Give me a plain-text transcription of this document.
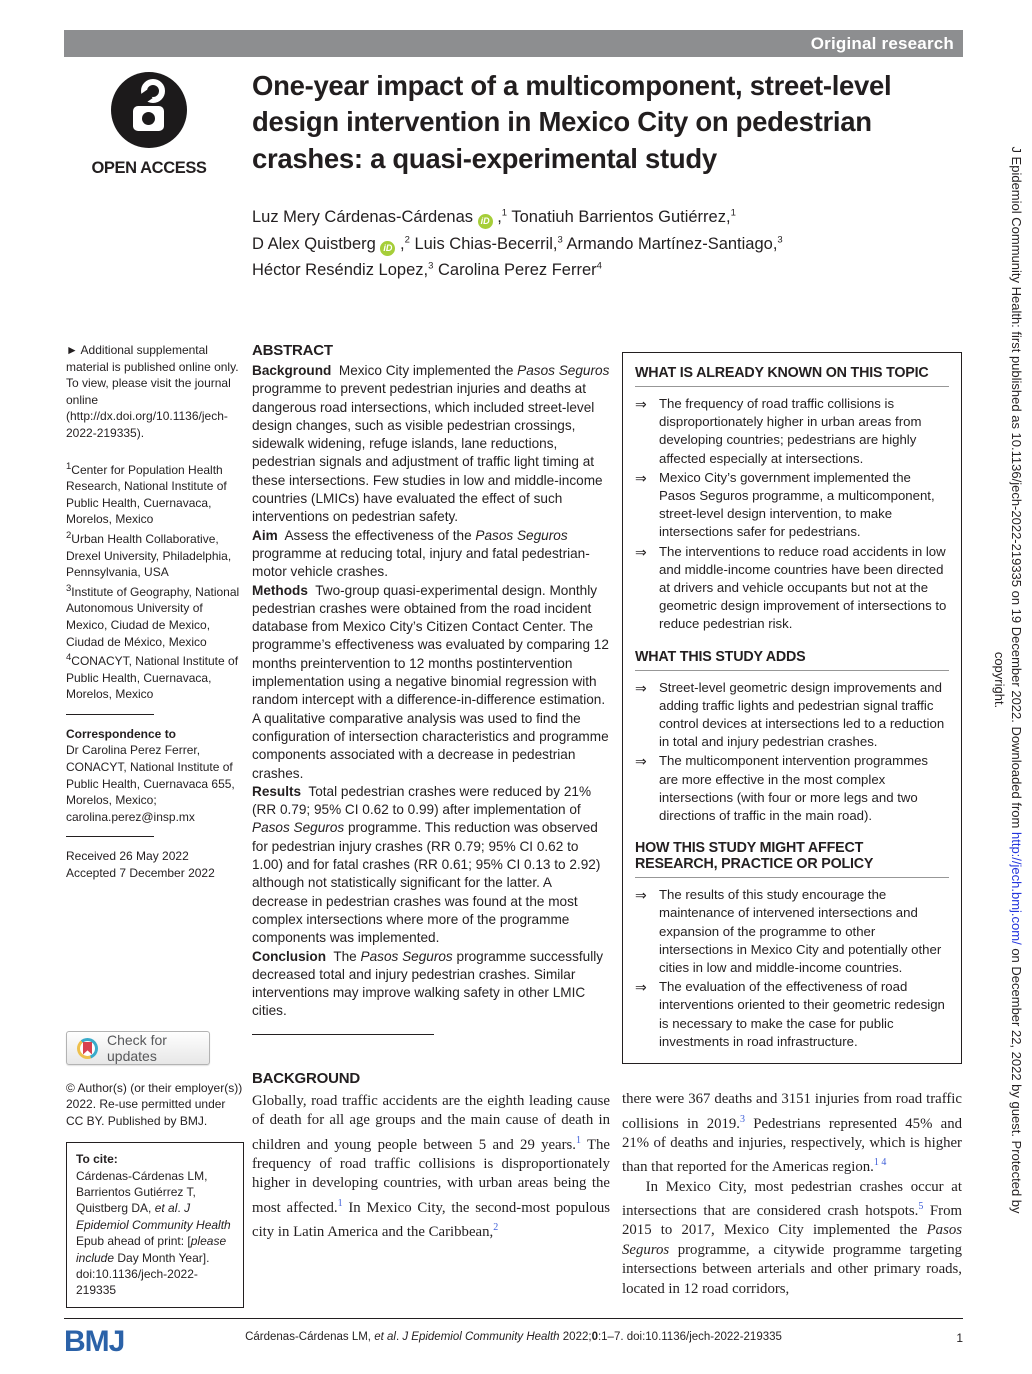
Original research
J Epidemiol Community Health: first published as 10.1136/jech-2022-219335 on 19 December 2022. Downloaded from http://jech.bmj.com/ on December 22, 2022 by guest. Protected by
copyright.
OPEN ACCESS
One-year impact of a multicomponent, street-level
design intervention in Mexico City on pedestrian
crashes: a quasi-experimental study
Luz Mery Cárdenas-Cárdenas iD ,$^1$ Tonatiuh Barrientos Gutiérrez,$^1$
D Alex Quistberg iD ,$^2$ Luis Chias-Becerril,$^3$ Armando Martínez-Santiago,$^3$
Héctor Reséndiz Lopez,$^3$ Carolina Perez Ferrer$^4$

► Additional supplemental material is published online only. To view, please visit the journal online (http://dx.doi.org/10.1136/jech-2022-219335).

$^1$Center for Population Health Research, National Institute of Public Health, Cuernavaca, Morelos, Mexico
$^2$Urban Health Collaborative, Drexel University, Philadelphia, Pennsylvania, USA
$^3$Institute of Geography, National Autonomous University of Mexico, Ciudad de Mexico, Ciudad de México, Mexico
$^4$CONACYT, National Institute of Public Health, Cuernavaca, Morelos, Mexico

Correspondence to
Dr Carolina Perez Ferrer, CONACYT, National Institute of Public Health, Cuernavaca 655, Morelos, Mexico;
carolina.perez@insp.mx

Received 26 May 2022
Accepted 7 December 2022

Check for updates

© Author(s) (or their employer(s)) 2022. Re-use permitted under CC BY. Published by BMJ.

To cite:
Cárdenas-Cárdenas LM, Barrientos Gutiérrez T, Quistberg DA, et al. J Epidemiol Community Health Epub ahead of print: [please include Day Month Year]. doi:10.1136/jech-2022-219335
ABSTRACT

Background  Mexico City implemented the Pasos Seguros programme to prevent pedestrian injuries and deaths at dangerous road intersections, which included street-level design changes, such as visible pedestrian crossings, sidewalk widening, refuge islands, lane reductions, pedestrian signals and adjustment of traffic light timing at these intersections. Few studies in low and middle-income countries (LMICs) have evaluated the effect of such interventions on pedestrian safety.

Aim  Assess the effectiveness of the Pasos Seguros programme at reducing total, injury and fatal pedestrian-motor vehicle crashes.

Methods  Two-group quasi-experimental design. Monthly pedestrian crashes were obtained from the road incident database from Mexico City’s Citizen Contact Center. The programme’s effectiveness was evaluated by comparing 12 months preintervention to 12 months postintervention implementation using a negative binomial regression with random intercept with a difference-in-difference estimation. A qualitative comparative analysis was used to find the configuration of intersection characteristics and programme components associated with a decrease in pedestrian crashes.

Results  Total pedestrian crashes were reduced by 21% (RR 0.79; 95% CI 0.62 to 0.99) after implementation of Pasos Seguros programme. This reduction was observed for pedestrian injury crashes (RR 0.79; 95% CI 0.62 to 1.00) and for fatal crashes (RR 0.61; 95% CI 0.13 to 2.92) although not statistically significant for the latter. A decrease in pedestrian crashes was found at the most complex intersections where more of the programme components was implemented.

Conclusion  The Pasos Seguros programme successfully decreased total and injury pedestrian crashes. Similar interventions may improve walking safety in other LMIC cities.

BACKGROUND

Globally, road traffic accidents are the eighth leading cause of death for all age groups and the main cause of death in children and young people between 5 and 29 years.$^1$ The frequency of road traffic collisions is disproportionately higher in developing countries, with urban areas being the most affected.$^1$ In Mexico City, the second-most populous city in Latin America and the Caribbean,$^2$

WHAT IS ALREADY KNOWN ON THIS TOPIC
⇒ The frequency of road traffic collisions is disproportionately higher in urban areas from developing countries; pedestrians are highly affected especially at intersections.
⇒ Mexico City’s government implemented the Pasos Seguros programme, a multicomponent, street-level design intervention, to make intersections safer for pedestrians.
⇒ The interventions to reduce road accidents in low and middle-income countries have been directed at drivers and vehicle occupants but not at the geometric design improvement of intersections to reduce pedestrian risk.
WHAT THIS STUDY ADDS
⇒ Street-level geometric design improvements and adding traffic lights and pedestrian signal traffic control devices at intersections led to a reduction in total and injury pedestrian crashes.
⇒ The multicomponent intervention programmes are more effective in the most complex intersections (with four or more legs and two directions of traffic in the main road).
HOW THIS STUDY MIGHT AFFECT RESEARCH, PRACTICE OR POLICY
⇒ The results of this study encourage the maintenance of intervened intersections and expansion of the programme to other intersections in Mexico City and potentially other cities in low and middle-income countries.
⇒ The evaluation of the effectiveness of road interventions oriented to their geometric redesign is necessary to make the case for public investments in road infrastructure.

there were 367 deaths and 3151 injuries from road traffic collisions in 2019.$^3$ Pedestrians represented 45% and 21% of deaths and injuries, respectively, which is higher than that reported for the Americas region.$^{1 4}$

In Mexico City, most pedestrian crashes occur at intersections that are considered crash hotspots.$^5$ From 2015 to 2017, Mexico City implemented the Pasos Seguros programme, a citywide programme targeting intersections between arterials and other primary roads, located in 12 road corridors,

BMJ	Cárdenas-Cárdenas LM, et al. J Epidemiol Community Health 2022;0:1–7. doi:10.1136/jech-2022-219335	1
